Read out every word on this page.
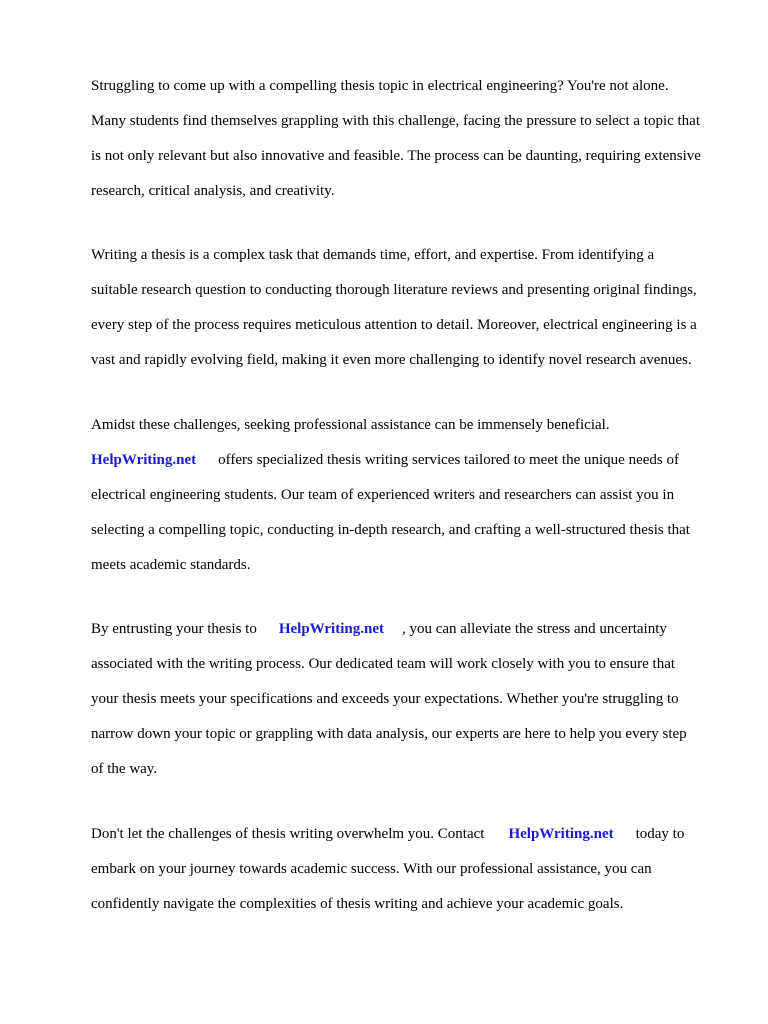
Struggling to come up with a compelling thesis topic in electrical engineering? You're not alone.

Many students find themselves grappling with this challenge, facing the pressure to select a topic that

is not only relevant but also innovative and feasible. The process can be daunting, requiring extensive

research, critical analysis, and creativity.

Writing a thesis is a complex task that demands time, effort, and expertise. From identifying a

suitable research question to conducting thorough literature reviews and presenting original findings,

every step of the process requires meticulous attention to detail. Moreover, electrical engineering is a

vast and rapidly evolving field, making it even more challenging to identify novel research avenues.

Amidst these challenges, seeking professional assistance can be immensely beneficial.

HelpWriting.net offers specialized thesis writing services tailored to meet the unique needs of

electrical engineering students. Our team of experienced writers and researchers can assist you in

selecting a compelling topic, conducting in-depth research, and crafting a well-structured thesis that

meets academic standards.

By entrusting your thesis to HelpWriting.net , you can alleviate the stress and uncertainty

associated with the writing process. Our dedicated team will work closely with you to ensure that

your thesis meets your specifications and exceeds your expectations. Whether you're struggling to

narrow down your topic or grappling with data analysis, our experts are here to help you every step

of the way.

Don't let the challenges of thesis writing overwhelm you. Contact HelpWriting.net today to

embark on your journey towards academic success. With our professional assistance, you can

confidently navigate the complexities of thesis writing and achieve your academic goals.
